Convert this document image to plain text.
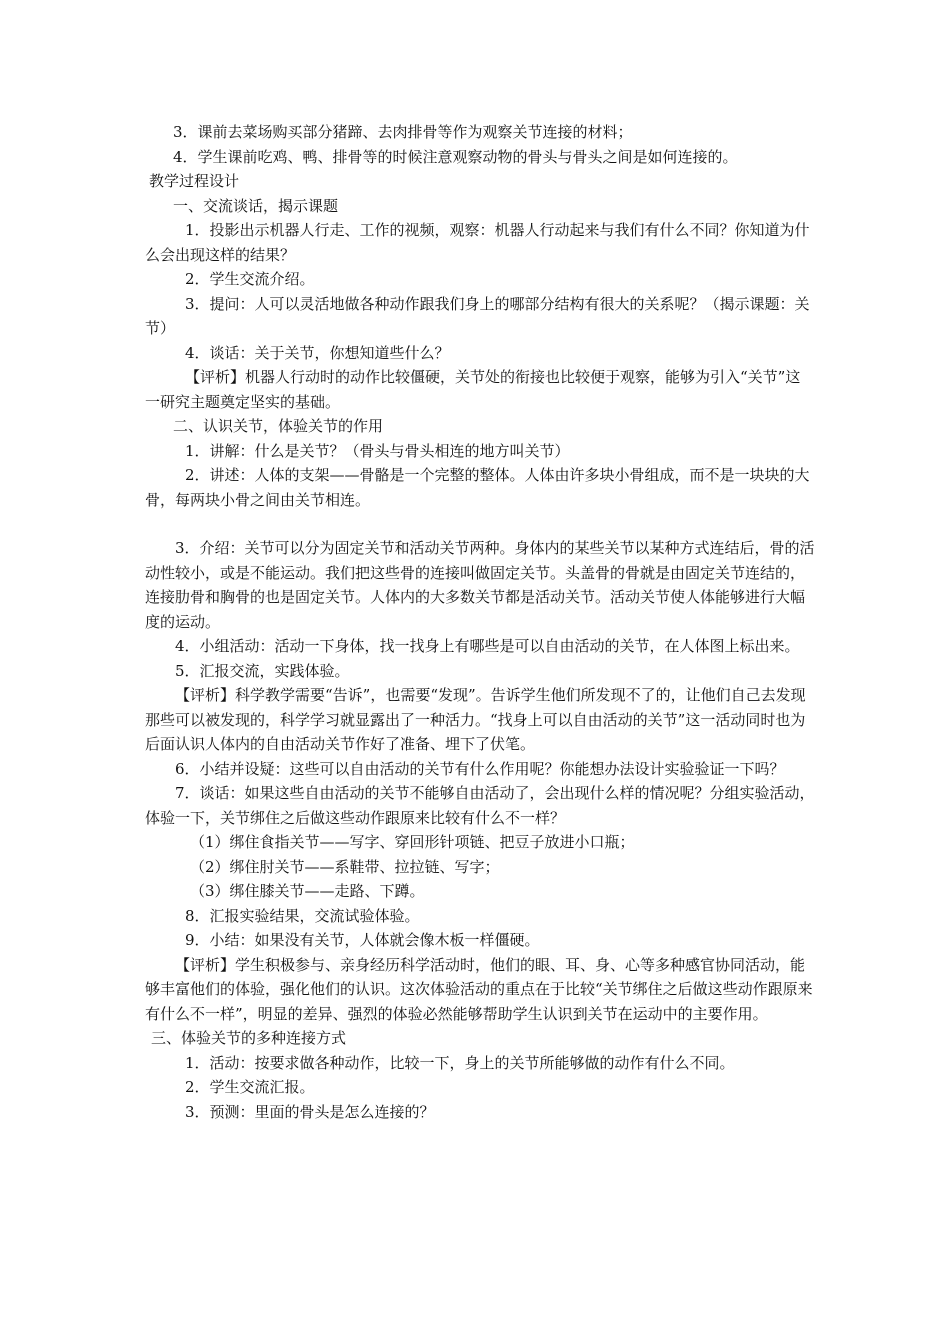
3．课前去菜场购买部分猪蹄、去肉排骨等作为观察关节连接的材料；

4．学生课前吃鸡、鸭、排骨等的时候注意观察动物的骨头与骨头之间是如何连接的。

教学过程设计

一、交流谈话，揭示课题

1．投影出示机器人行走、工作的视频，观察：机器人行动起来与我们有什么不同？你知道为什么会出现这样的结果？

2．学生交流介绍。

3．提问：人可以灵活地做各种动作跟我们身上的哪部分结构有很大的关系呢？（揭示课题：关节）

4．谈话：关于关节，你想知道些什么？

【评析】机器人行动时的动作比较僵硬，关节处的衔接也比较便于观察，能够为引入“关节”这一研究主题奠定坚实的基础。

二、认识关节，体验关节的作用

1．讲解：什么是关节？（骨头与骨头相连的地方叫关节）

2．讲述：人体的支架——骨骼是一个完整的整体。人体由许多块小骨组成，而不是一块块的大骨，每两块小骨之间由关节相连。

3．介绍：关节可以分为固定关节和活动关节两种。身体内的某些关节以某种方式连结后，骨的活动性较小，或是不能运动。我们把这些骨的连接叫做固定关节。头盖骨的骨就是由固定关节连结的，连接肋骨和胸骨的也是固定关节。人体内的大多数关节都是活动关节。活动关节使人体能够进行大幅度的运动。

4．小组活动：活动一下身体，找一找身上有哪些是可以自由活动的关节，在人体图上标出来。

5．汇报交流，实践体验。

【评析】科学教学需要“告诉”，也需要“发现”。告诉学生他们所发现不了的，让他们自己去发现那些可以被发现的，科学学习就显露出了一种活力。“找身上可以自由活动的关节”这一活动同时也为后面认识人体内的自由活动关节作好了准备、埋下了伏笔。

6．小结并设疑：这些可以自由活动的关节有什么作用呢？你能想办法设计实验验证一下吗？

7．谈话：如果这些自由活动的关节不能够自由活动了，会出现什么样的情况呢？分组实验活动，体验一下，关节绑住之后做这些动作跟原来比较有什么不一样？

（1）绑住食指关节——写字、穿回形针项链、把豆子放进小口瓶；

（2）绑住肘关节——系鞋带、拉拉链、写字；

（3）绑住膝关节——走路、下蹲。

8．汇报实验结果，交流试验体验。

9．小结：如果没有关节，人体就会像木板一样僵硬。

【评析】学生积极参与、亲身经历科学活动时，他们的眼、耳、身、心等多种感官协同活动，能够丰富他们的体验，强化他们的认识。这次体验活动的重点在于比较“关节绑住之后做这些动作跟原来有什么不一样”，明显的差异、强烈的体验必然能够帮助学生认识到关节在运动中的主要作用。

三、体验关节的多种连接方式

1．活动：按要求做各种动作，比较一下，身上的关节所能够做的动作有什么不同。

2．学生交流汇报。

3．预测：里面的骨头是怎么连接的？
